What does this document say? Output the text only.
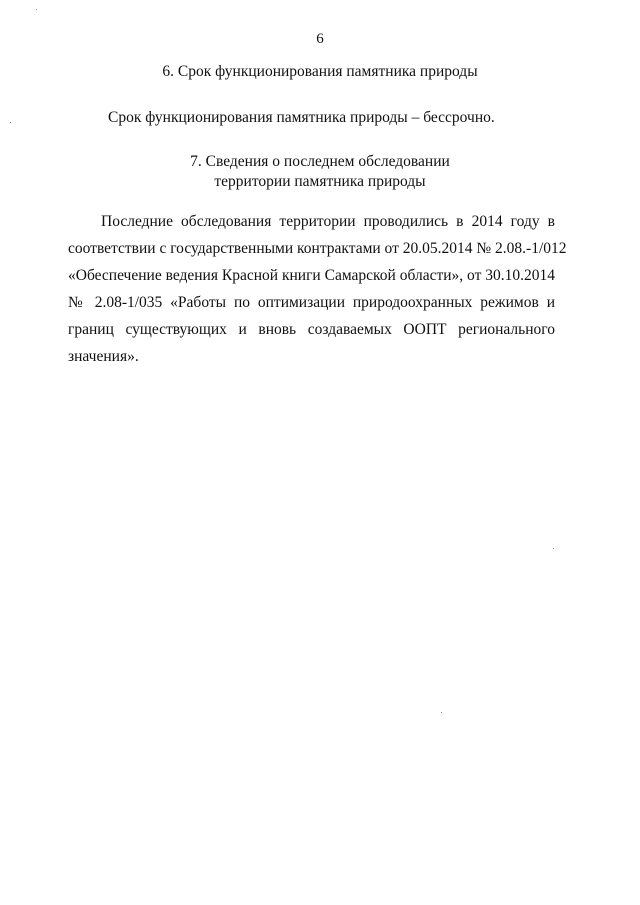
6
6. Срок функционирования памятника природы

Срок функционирования памятника природы – бессрочно.

7. Сведения о последнем обследовании
территории памятника природы
Последние обследования территории проводились в 2014 году в
соответствии с государственными контрактами от 20.05.2014 № 2.08.-1/012
«Обеспечение ведения Красной книги Самарской области», от 30.10.2014
№ 2.08-1/035 «Работы по оптимизации природоохранных режимов и
границ существующих и вновь создаваемых ООПТ регионального
значения».
